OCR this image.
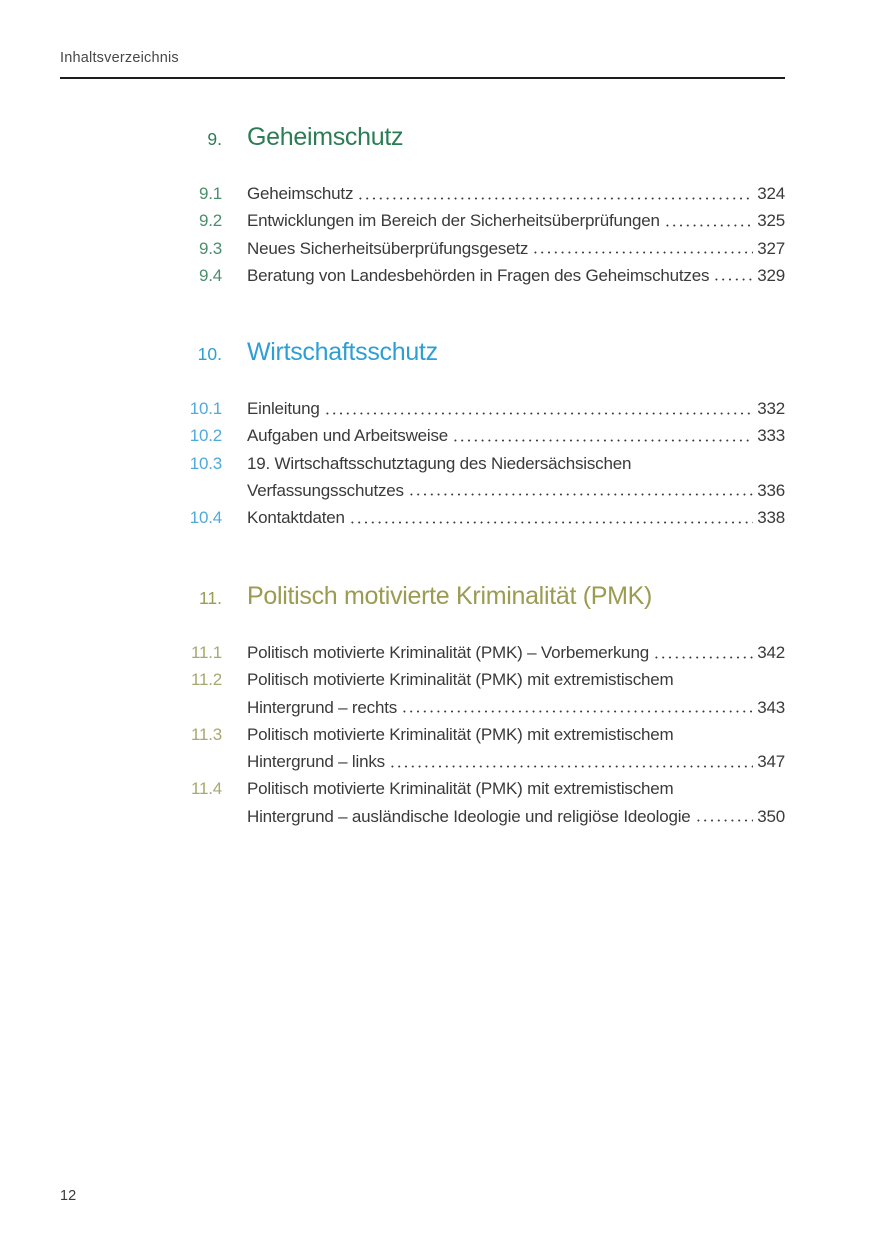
Inhaltsverzeichnis
9. Geheimschutz
9.1 Geheimschutz	324
9.2 Entwicklungen im Bereich der Sicherheitsüberprüfungen	325
9.3 Neues Sicherheitsüberprüfungsgesetz	327
9.4 Beratung von Landesbehörden in Fragen des Geheimschutzes	329
10. Wirtschaftsschutz
10.1 Einleitung	332
10.2 Aufgaben und Arbeitsweise	333
10.3 19. Wirtschaftsschutztagung des Niedersächsischen
Verfassungsschutzes	336
10.4 Kontaktdaten	338
11. Politisch motivierte Kriminalität (PMK)
11.1 Politisch motivierte Kriminalität (PMK) – Vorbemerkung	342
11.2 Politisch motivierte Kriminalität (PMK) mit extremistischem
Hintergrund – rechts	343
11.3 Politisch motivierte Kriminalität (PMK) mit extremistischem
Hintergrund – links	347
11.4 Politisch motivierte Kriminalität (PMK) mit extremistischem
Hintergrund – ausländische Ideologie und religiöse Ideologie	350
12
